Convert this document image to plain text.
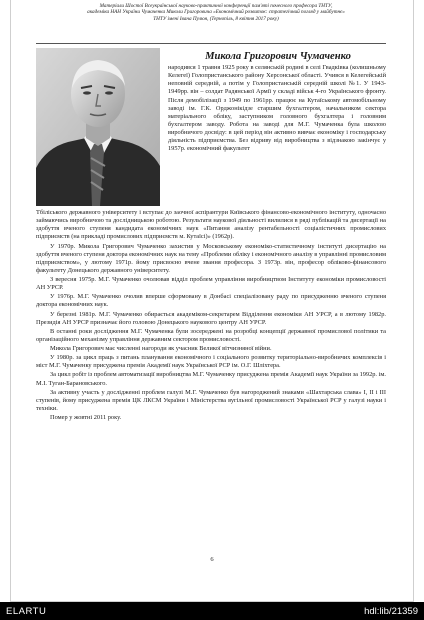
Матеріали Шостої Всеукраїнської науково-практичної конференції пам'яті почесного професора ТНТУ,
академіка НАН України Чумаченка Миколи Григоровича «Економічний розвиток: стратегічний погляд у майбутнє»
ТНТУ імені Івана Пулюя, (Тернопіль, 8 квітня 2017 року)
Микола Григорович Чумаченко

народився 1 травня 1925 року в селянській родині в селі Гвадківка (колишньому Келегеї) Голопристанського району Херсонської області. Учився в Келегейській неповній середній, а потім у Голопристанській середній школі №1. У 1943-1949рр. він – солдат Радянської Армії у складі військ 4-го Українського фронту. Після демобілізації з 1949 по 1961рр. працює на Кутаїському автомобільному заводі ім. Г.К. Орджонікідзе старшим бухгалтером, начальником сектора матеріального обліку, заступником головного бухгалтера і головним бухгалтером заводу. Робота на заводі для М.Г. Чумаченка була школою виробничого досвіду: в цей період він активно вивчає економіку і господарську діяльність підприємства. Без відриву від виробництва з відзнакою закінчує у 1957р. економічний факультет

Тбіліського державного університету і вступає до заочної аспірантури Київського фінансово-економічного інституту, одночасно займаючись виробничою та дослідницькою роботою. Результати наукової діяльності вилилися в ряді публікацій та дисертації на здобуття вченого ступеня кандидата економічних наук «Питання аналізу рентабельності соціалістичних промислових підприємств (на прикладі промислових підприємств м. Кутаїсі)» (1962р).

У 1970р. Микола Григорович Чумаченко захистив у Московському економіко-статистичному інституті дисертацію на здобуття вченого ступеня доктора економічних наук на тему «Проблеми обліку і економічного аналізу в управлінні промисловим підприємством», у лютому 1971р. йому присвоєно вчене звання професора. З 1973р. він, професор обліково-фінансового факультету Донецького державного університету.

З вересня 1975р. М.Г. Чумаченко очолював відділ проблем управління виробництвом Інституту економіки промисловості АН УРСР.

У 1976р. М.Г. Чумаченко очолив вперше сформовану в Донбасі спеціалізовану раду по присудженню вченого ступеня доктора економічних наук.

У березні 1981р. М.Г. Чумаченко обирається академіком-секретарем Відділення економіки АН УРСР, а в лютому 1982р. Президія АН УРСР призначає його головою Донецького наукового центру АН УРСР.

В останні роки дослідження М.Г. Чумаченка були зосереджені на розробці концепції державної промислової політики та організаційного механізму управління державним сектором промисловості.

Микола Григорович має численні нагороди як учасник Великої вітчизняної війни.

У 1980р. за цикл праць з питань планування економічного і соціального розвитку територіально-виробничих комплексів і міст М.Г. Чумаченку присуджена премія Академії наук Української РСР ім. О.Г. Шліхтера.

За цикл робіт із проблем автоматизації виробництва М.Г. Чумаченку присуджена премія Академії наук України за 1992р. ім. М.І. Туган-Барановського.

За активну участь у дослідженні проблем галузі М.Г. Чумаченко був нагороджений знаками «Шахтарська слава» І, ІІ і ІІІ ступенів, йому присуджена премія ЦК ЛКСМ України і Міністерства вугільної промисловості Української РСР у галузі науки і техніки.

Помер у жовтні 2011 року.

6
ELARTU	hdl:lib/21359
